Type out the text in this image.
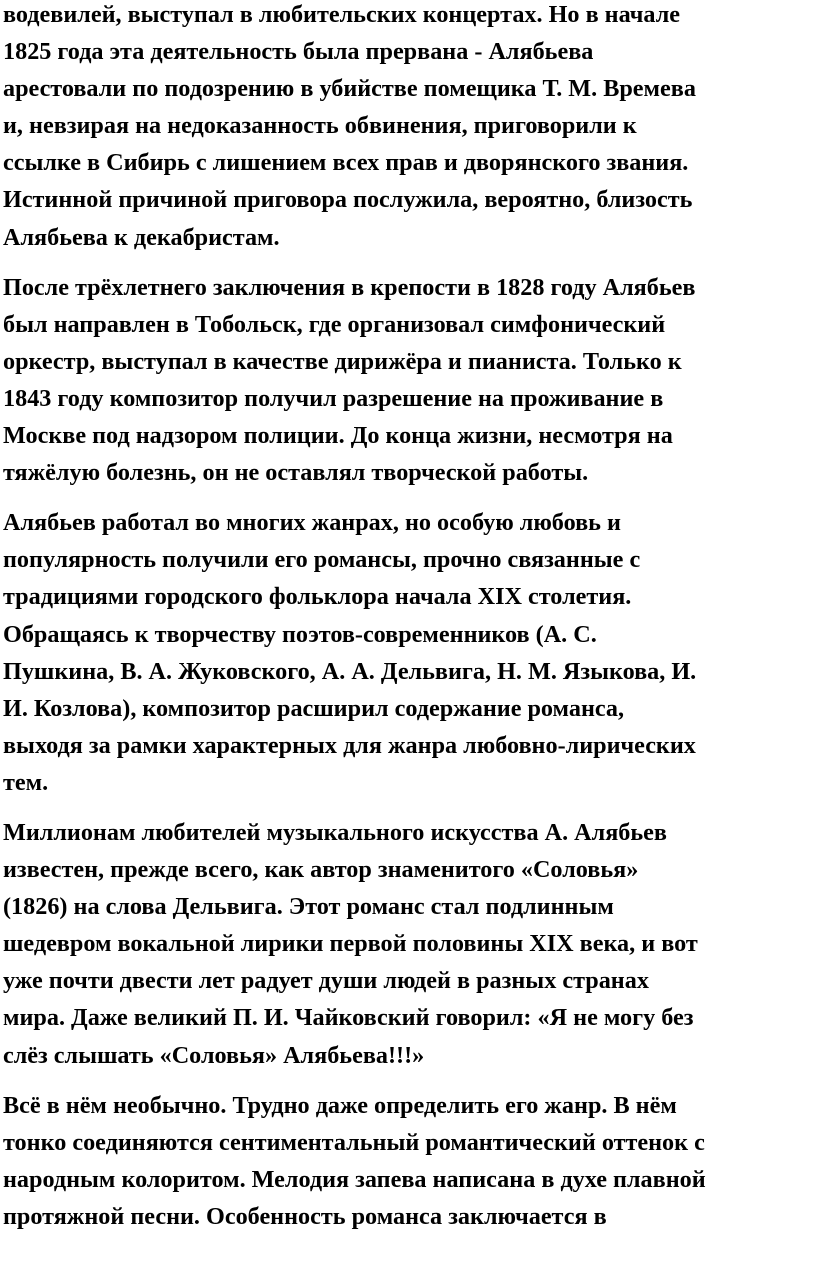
водевилей, выступал в любительских концертах. Но в начале
1825 года эта деятельность была прервана - Алябьева
арестовали по подозрению в убийстве помещика Т. М. Времева
и, невзирая на недоказанность обвинения, приговорили к
ссылке в Сибирь с лишением всех прав и дворянского звания.
Истинной причиной приговора послужила, вероятно, близость
Алябьева к декабристам.

После трёхлетнего заключения в крепости в 1828 году Алябьев
был направлен в Тобольск, где организовал симфонический
оркестр, выступал в качестве дирижёра и пианиста. Только к
1843 году композитор получил разрешение на проживание в
Москве под надзором полиции. До конца жизни, несмотря на
тяжёлую болезнь, он не оставлял творческой работы.

Алябьев работал во многих жанрах, но особую любовь и
популярность получили его романсы, прочно связанные с
традициями городского фольклора начала XIX столетия.
Обращаясь к творчеству поэтов-современников (А. С.
Пушкина, В. А. Жуковского, А. А. Дельвига, Н. М. Языкова, И.
И. Козлова), композитор расширил содержание романса,
выходя за рамки характерных для жанра любовно-лирических
тем.

Миллионам любителей музыкального искусства А. Алябьев
известен, прежде всего, как автор знаменитого «Соловья»
(1826) на слова Дельвига. Этот романс стал подлинным
шедевром вокальной лирики первой половины XIX века, и вот
уже почти двести лет радует души людей в разных странах
мира. Даже великий П. И. Чайковский говорил: «Я не могу без
слёз слышать «Соловья» Алябьева!!!»

Всё в нём необычно. Трудно даже определить его жанр. В нём
тонко соединяются сентиментальный романтический оттенок с
народным колоритом. Мелодия запева написана в духе плавной
протяжной песни. Особенность романса заключается в
